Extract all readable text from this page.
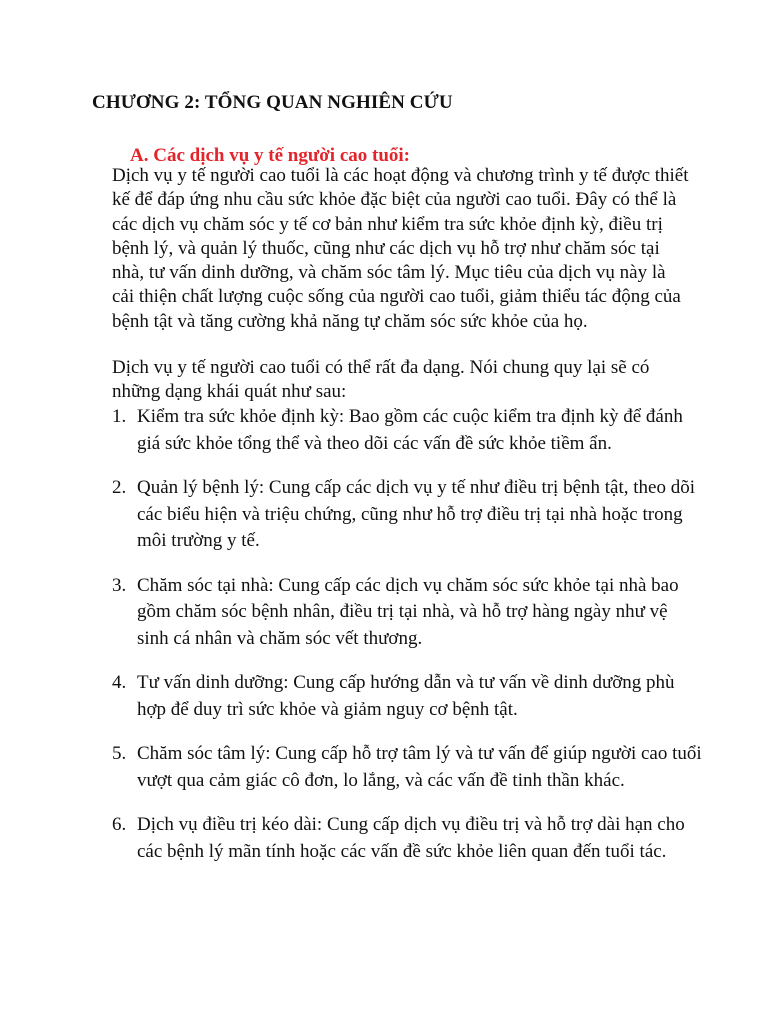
CHƯƠNG 2: TỔNG QUAN NGHIÊN CỨU
A. Các dịch vụ y tế người cao tuổi:
Dịch vụ y tế người cao tuổi là các hoạt động và chương trình y tế được thiết kế để đáp ứng nhu cầu sức khỏe đặc biệt của người cao tuổi. Đây có thể là các dịch vụ chăm sóc y tế cơ bản như kiểm tra sức khỏe định kỳ, điều trị bệnh lý, và quản lý thuốc, cũng như các dịch vụ hỗ trợ như chăm sóc tại nhà, tư vấn dinh dưỡng, và chăm sóc tâm lý. Mục tiêu của dịch vụ này là cải thiện chất lượng cuộc sống của người cao tuổi, giảm thiểu tác động của bệnh tật và tăng cường khả năng tự chăm sóc sức khỏe của họ.
Dịch vụ y tế người cao tuổi có thể rất đa dạng. Nói chung quy lại sẽ có những dạng khái quát như sau:
1. Kiểm tra sức khỏe định kỳ: Bao gồm các cuộc kiểm tra định kỳ để đánh giá sức khỏe tổng thể và theo dõi các vấn đề sức khỏe tiềm ẩn.
2. Quản lý bệnh lý: Cung cấp các dịch vụ y tế như điều trị bệnh tật, theo dõi các biểu hiện và triệu chứng, cũng như hỗ trợ điều trị tại nhà hoặc trong môi trường y tế.
3. Chăm sóc tại nhà: Cung cấp các dịch vụ chăm sóc sức khỏe tại nhà bao gồm chăm sóc bệnh nhân, điều trị tại nhà, và hỗ trợ hàng ngày như vệ sinh cá nhân và chăm sóc vết thương.
4. Tư vấn dinh dưỡng: Cung cấp hướng dẫn và tư vấn về dinh dưỡng phù hợp để duy trì sức khỏe và giảm nguy cơ bệnh tật.
5. Chăm sóc tâm lý: Cung cấp hỗ trợ tâm lý và tư vấn để giúp người cao tuổi vượt qua cảm giác cô đơn, lo lắng, và các vấn đề tinh thần khác.
6. Dịch vụ điều trị kéo dài: Cung cấp dịch vụ điều trị và hỗ trợ dài hạn cho các bệnh lý mãn tính hoặc các vấn đề sức khỏe liên quan đến tuổi tác.
